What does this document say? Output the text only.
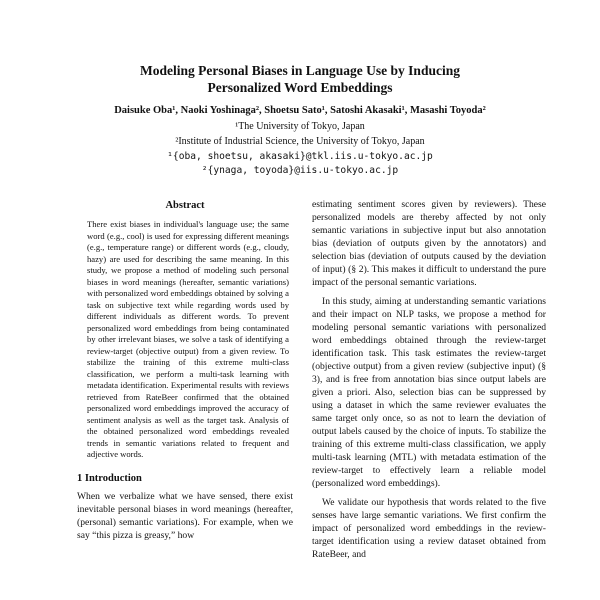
Modeling Personal Biases in Language Use by Inducing
Personalized Word Embeddings
Daisuke Oba¹, Naoki Yoshinaga², Shoetsu Sato¹, Satoshi Akasaki¹, Masashi Toyoda²
¹The University of Tokyo, Japan
²Institute of Industrial Science, the University of Tokyo, Japan
¹{oba, shoetsu, akasaki}@tkl.iis.u-tokyo.ac.jp
²{ynaga, toyoda}@iis.u-tokyo.ac.jp
Abstract
There exist biases in individual's language use; the same word (e.g., cool) is used for expressing different meanings (e.g., temperature range) or different words (e.g., cloudy, hazy) are used for describing the same meaning. In this study, we propose a method of modeling such personal biases in word meanings (hereafter, semantic variations) with personalized word embeddings obtained by solving a task on subjective text while regarding words used by different individuals as different words. To prevent personalized word embeddings from being contaminated by other irrelevant biases, we solve a task of identifying a review-target (objective output) from a given review. To stabilize the training of this extreme multi-class classification, we perform a multi-task learning with metadata identification. Experimental results with reviews retrieved from RateBeer confirmed that the obtained personalized word embeddings improved the accuracy of sentiment analysis as well as the target task. Analysis of the obtained personalized word embeddings revealed trends in semantic variations related to frequent and adjective words.
1 Introduction
When we verbalize what we have sensed, there exist inevitable personal biases in word meanings (hereafter, (personal) semantic variations). For example, when we say “this pizza is greasy,” how

estimating sentiment scores given by reviewers). These personalized models are thereby affected by not only semantic variations in subjective input but also annotation bias (deviation of outputs given by the annotators) and selection bias (deviation of outputs caused by the deviation of input) (§ 2). This makes it difficult to understand the pure impact of the personal semantic variations.

In this study, aiming at understanding semantic variations and their impact on NLP tasks, we propose a method for modeling personal semantic variations with personalized word embeddings obtained through the review-target identification task. This task estimates the review-target (objective output) from a given review (subjective input) (§ 3), and is free from annotation bias since output labels are given a priori. Also, selection bias can be suppressed by using a dataset in which the same reviewer evaluates the same target only once, so as not to learn the deviation of output labels caused by the choice of inputs. To stabilize the training of this extreme multi-class classification, we apply multi-task learning (MTL) with metadata estimation of the review-target to effectively learn a reliable model (personalized word embeddings).

We validate our hypothesis that words related to the five senses have large semantic variations. We first confirm the impact of personalized word embeddings in the review-target identification using a review dataset obtained from RateBeer, and
